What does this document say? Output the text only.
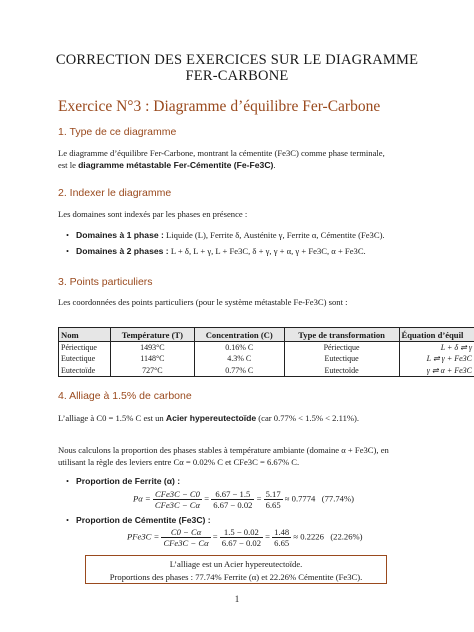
CORRECTION DES EXERCICES SUR LE DIAGRAMME
FER-CARBONE
Exercice N°3 : Diagramme d’équilibre Fer-Carbone
1. Type de ce diagramme
Le diagramme d’équilibre Fer-Carbone, montrant la cémentite (Fe3C) comme phase terminale,
est le diagramme métastable Fer-Cémentite (Fe-Fe3C).
2. Indexer le diagramme
Les domaines sont indexés par les phases en présence :
• Domaines à 1 phase : Liquide (L), Ferrite δ, Austénite γ, Ferrite α, Cémentite (Fe3C).
• Domaines à 2 phases : L + δ, L + γ, L + Fe3C, δ + γ, γ + α, γ + Fe3C, α + Fe3C.
3. Points particuliers
Les coordonnées des points particuliers (pour le système métastable Fe-Fe3C) sont :
Nom	Température (T)	Concentration (C)	Type de transformation	Équation d’équil
Périectique	1493°C	0.16% C	Périectique	L + δ ⇌ γ
Eutectique	1148°C	4.3% C	Eutectique	L ⇌ γ + Fe3C
Eutectoïde	727°C	0.77% C	Eutectoïde	γ ⇌ α + Fe3C
4. Alliage à 1.5% de carbone
L’alliage à C0 = 1.5% C est un Acier hypereutectoïde (car 0.77% < 1.5% < 2.11%).
Nous calculons la proportion des phases stables à température ambiante (domaine α + Fe3C), en
utilisant la règle des leviers entre Cα = 0.02% C et CFe3C = 6.67% C.
• Proportion de Ferrite (α) :
$P\alpha = \frac{\text{CFe3C − C0}}{\text{CFe3C − Cα}} = \frac{6.67 - 1.5}{6.67 - 0.02} = \frac{5.17}{6.65} \approx 0.7774$   (77.74%)
• Proportion de Cémentite (Fe3C) :
$PFe3C = \frac{C0 - C\alpha}{\text{CFe3C − Cα}} = \frac{1.5 - 0.02}{6.67 - 0.02} = \frac{1.48}{6.65} \approx 0.2226$   (22.26%)
L’alliage est un Acier hypereutectoïde.
Proportions des phases : 77.74% Ferrite (α) et 22.26% Cémentite (Fe3C).
1
